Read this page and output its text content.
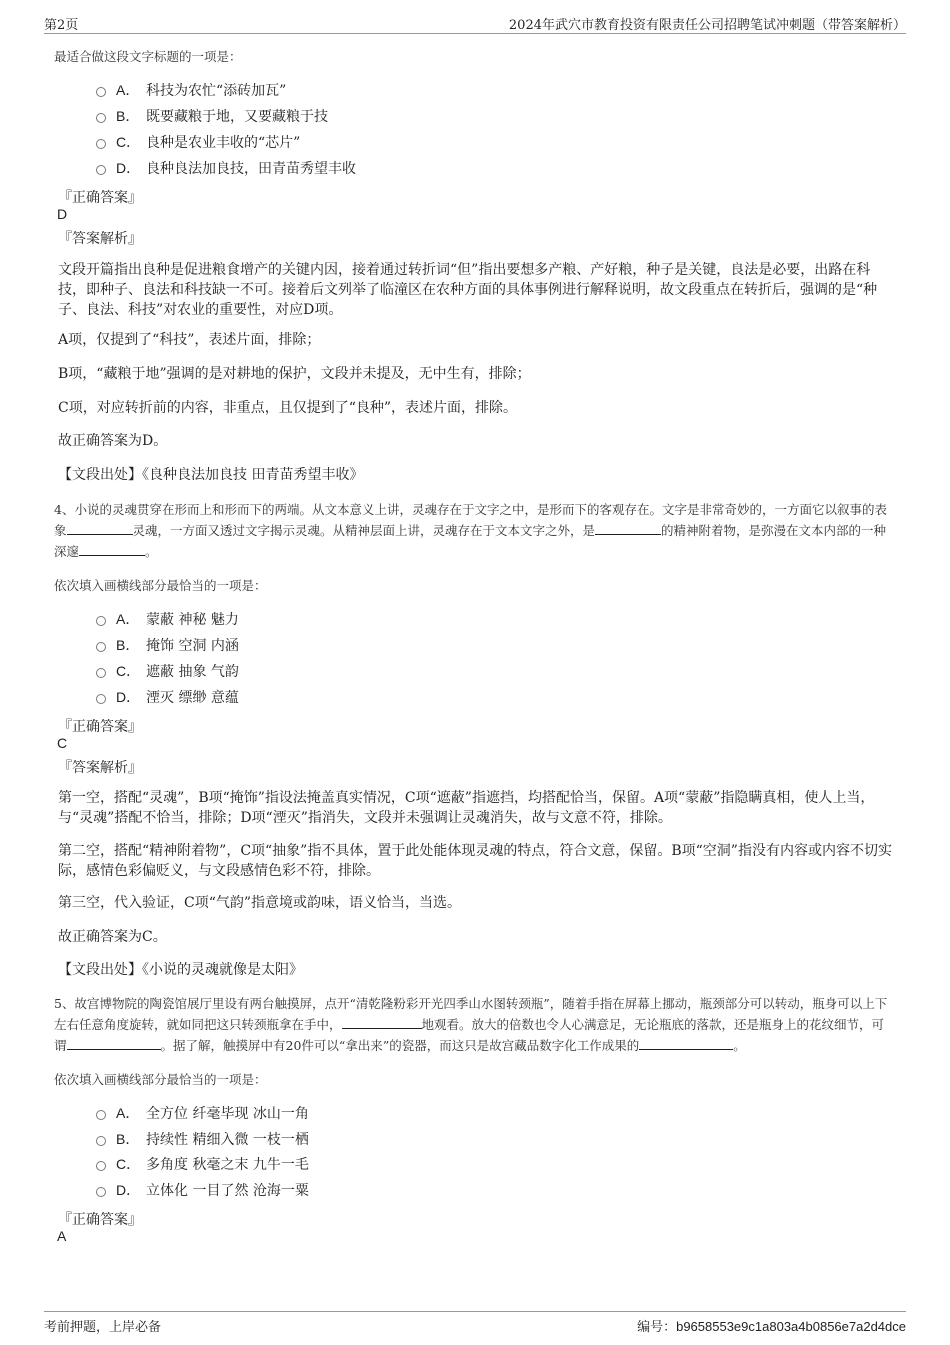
第2页	2024年武穴市教育投资有限责任公司招聘笔试冲刺题（带答案解析）
最适合做这段文字标题的一项是：
A． 科技为农忙“添砖加瓦”
B． 既要藏粮于地，又要藏粮于技
C． 良种是农业丰收的“芯片”
D． 良种良法加良技，田青苗秀望丰收
『正确答案』
D
『答案解析』
文段开篇指出良种是促进粮食增产的关键内因，接着通过转折词“但”指出要想多产粮、产好粮，种子是关键，良法是必要，出路在科技，即种子、良法和科技缺一不可。接着后文列举了临潼区在农种方面的具体事例进行解释说明，故文段重点在转折后，强调的是“种子、良法、科技”对农业的重要性，对应D项。
A项，仅提到了“科技”，表述片面，排除；
B项，“藏粮于地”强调的是对耕地的保护，文段并未提及，无中生有，排除；
C项，对应转折前的内容，非重点，且仅提到了“良种”，表述片面，排除。
故正确答案为D。
【文段出处】《良种良法加良技 田青苗秀望丰收》
4、小说的灵魂贯穿在形而上和形而下的两端。从文本意义上讲，灵魂存在于文字之中，是形而下的客观存在。文字是非常奇妙的，一方面它以叙事的表象	灵魂，一方面又透过文字揭示灵魂。从精神层面上讲，灵魂存在于文本文字之外，是	的精神附着物，是弥漫在文本内部的一种深邃	。
依次填入画横线部分最恰当的一项是：
A． 蒙蔽 神秘 魅力
B． 掩饰 空洞 内涵
C． 遮蔽 抽象 气韵
D． 湮灭 缥缈 意蕴
『正确答案』
C
『答案解析』
第一空，搭配“灵魂”，B项“掩饰”指设法掩盖真实情况，C项“遮蔽”指遮挡，均搭配恰当，保留。A项“蒙蔽”指隐瞒真相，使人上当，与“灵魂”搭配不恰当，排除；D项“湮灭”指消失，文段并未强调让灵魂消失，故与文意不符，排除。
第二空，搭配“精神附着物”，C项“抽象”指不具体，置于此处能体现灵魂的特点，符合文意，保留。B项“空洞”指没有内容或内容不切实际，感情色彩偏贬义，与文段感情色彩不符，排除。
第三空，代入验证，C项“气韵”指意境或韵味，语义恰当，当选。
故正确答案为C。
【文段出处】《小说的灵魂就像是太阳》
5、故宫博物院的陶瓷馆展厅里设有两台触摸屏，点开“清乾隆粉彩开光四季山水图转颈瓶”，随着手指在屏幕上挪动，瓶颈部分可以转动，瓶身可以上下左右任意角度旋转，就如同把这只转颈瓶拿在手中，	地观看。放大的倍数也令人心满意足，无论瓶底的落款，还是瓶身上的花纹细节，可谓	。据了解，触摸屏中有20件可以“拿出来”的瓷器，而这只是故宫藏品数字化工作成果的	。
依次填入画横线部分最恰当的一项是：
A． 全方位 纤毫毕现 冰山一角
B． 持续性 精细入微 一枝一栖
C． 多角度 秋毫之末 九牛一毛
D． 立体化 一目了然 沧海一粟
『正确答案』
A
考前押题，上岸必备	编号：b9658553e9c1a803a4b0856e7a2d4dce
